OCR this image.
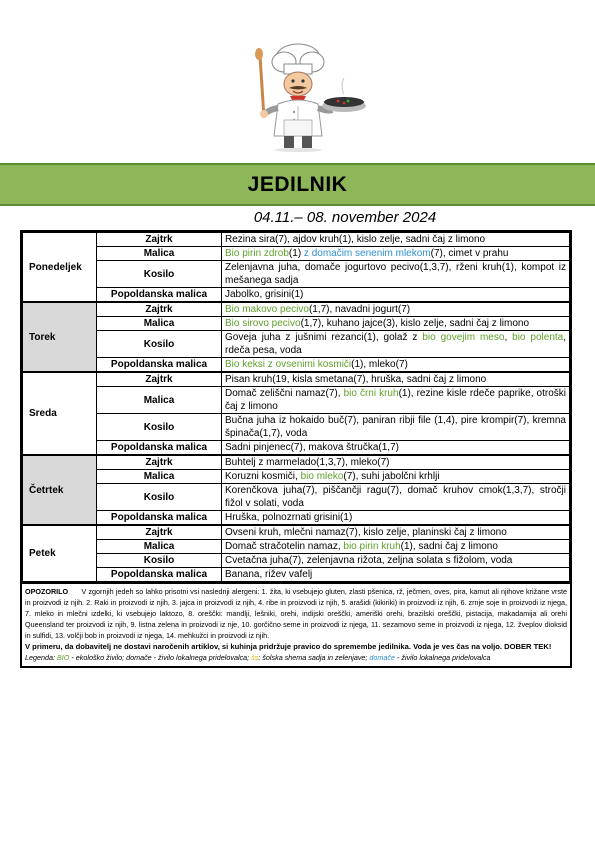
JEDILNIK
04.11.– 08. november 2024
Ponedeljek	Zajtrk	Rezina sira(7), ajdov kruh(1), kislo zelje, sadni čaj z limono
	Malica	Bio pirin zdrob(1) z domačim senenim mlekom(7), cimet v prahu
	Kosilo	Zelenjavna juha, domače jogurtovo pecivo(1,3,7), rženi kruh(1), kompot iz mešanega sadja
	Popoldanska malica	Jabolko, grisini(1)
Torek	Zajtrk	Bio makovo pecivo(1,7), navadni jogurt(7)
	Malica	Bio sirovo pecivo(1,7), kuhano jajce(3), kislo zelje, sadni čaj z limono
	Kosilo	Goveja juha z jušnimi rezanci(1), golaž z bio govejim meso, bio polenta, rdeča pesa, voda
	Popoldanska malica	Bio keksi z ovsenimi kosmiči(1), mleko(7)
Sreda	Zajtrk	Pisan kruh(19, kisla smetana(7), hruška, sadni čaj z limono
	Malica	Domač zeliščni namaz(7), bio črni kruh(1), rezine kisle rdeče paprike, otroški čaj z limono
	Kosilo	Bučna juha iz hokaido buč(7), paniran ribji file (1,4), pire krompir(7), kremna špinača(1,7), voda
	Popoldanska malica	Sadni pinjenec(7), makova štručka(1,7)
Četrtek	Zajtrk	Buhtelj z marmelado(1,3,7), mleko(7)
	Malica	Koruzni kosmiči, bio mleko(7), suhi jabolčni krhlji
	Kosilo	Korenčkova juha(7), piščančji ragu(7), domač kruhov cmok(1,3,7), stročji fižol v solati, voda
	Popoldanska malica	Hruška, polnozrnati grisini(1)
Petek	Zajtrk	Ovseni kruh, mlečni namaz(7), kislo zelje, planinski čaj z limono
	Malica	Domač stračotelin namaz, bio pirin kruh(1), sadni čaj z limono
	Kosilo	Cvetačna juha(7), zelenjavna rižota, zeljna solata s fižolom, voda
	Popoldanska malica	Banana, rižev vafelj
OPOZORILO V zgornjih jedeh so lahko prisotni vsi naslednji alergeni: 1. žita, ki vsebujejo gluten, zlasti pšenica, rž, ječmen, oves, pira, kamut ali njihove križane vrste in proizvodi iz njih. 2. Raki in proizvodi iz njih, 3. jajca in proizvodi iz njih, 4. ribe in proizvodi iz njih, 5. arašidi (kikiriki) in proizvodi iz njih, 6. zrnje soje in proizvodi iz njega, 7. mleko in mlečni izdelki, ki vsebujejo laktozo, 8. oreščki: mandlji, lešniki, orehi, indijski oreščki, ameriški orehi, brazilski oreščki, pistacija, makadamija ali orehi Queensland ter proizvodi iz njih, 9. listna zelena in proizvodi iz nje, 10. gorčično seme in proizvodi iz njega, 11. sezamovo seme in proizvodi iz njega, 12. žveplov dioksid in sulfidi, 13. volčji bob in proizvodi iz njega, 14. mehkužci in proizvodi iz njih.
V primeru, da dobavitelj ne dostavi naročenih artiklov, si kuhinja pridržuje pravico do spremembe jedilnika. Voda je ves čas na voljo. DOBER TEK!
Legenda: BIO - ekološko živilo; domače - živilo lokalnega pridelovalca; šs: šolska shema sadja in zelenjave; domače - živilo lokalnega pridelovalca
